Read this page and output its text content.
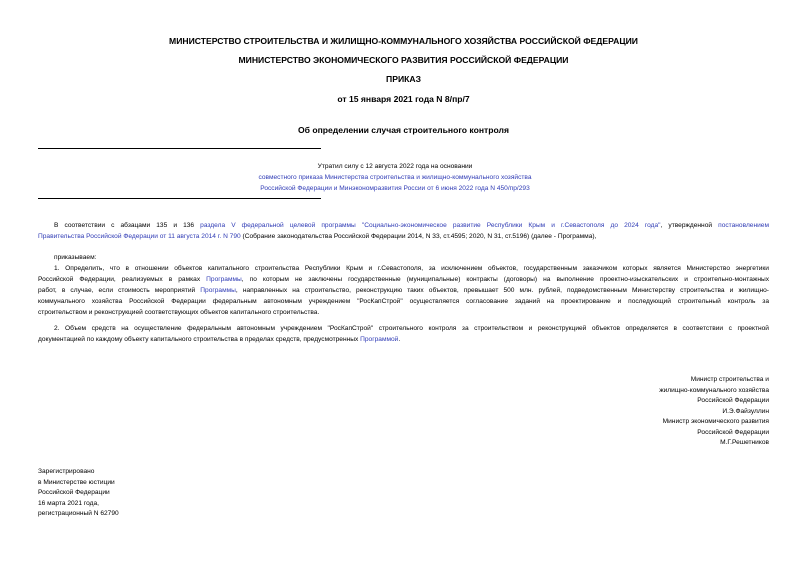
МИНИСТЕРСТВО СТРОИТЕЛЬСТВА И ЖИЛИЩНО-КОММУНАЛЬНОГО ХОЗЯЙСТВА РОССИЙСКОЙ ФЕДЕРАЦИИ
МИНИСТЕРСТВО ЭКОНОМИЧЕСКОГО РАЗВИТИЯ РОССИЙСКОЙ ФЕДЕРАЦИИ
ПРИКАЗ
от 15 января 2021 года N 8/пр/7
Об определении случая строительного контроля
Утратил силу с 12 августа 2022 года на основании
совместного приказа Министерства строительства и жилищно-коммунального хозяйства
Российской Федерации и Минэкономразвития России от 6 июня 2022 года N 450/пр/293
В соответствии с абзацами 135 и 136 раздела V федеральной целевой программы "Социально-экономическое развитие Республики Крым и г.Севастополя до 2024 года", утвержденной постановлением
Правительства Российской Федерации от 11 августа 2014 г. N 790 (Собрание законодательства Российской Федерации 2014, N 33, ст.4595; 2020, N 31, ст.5196) (далее - Программа),
приказываем:
1. Определить, что в отношении объектов капитального строительства Республики Крым и г.Севастополя, за исключением объектов, государственным заказчиком которых является Министерство энергетики
Российской Федерации, реализуемых в рамках Программы, по которым не заключены государственные (муниципальные) контракты (договоры) на выполнение проектно-изыскательских и строительно-монтажных
работ, в случае, если стоимость мероприятий Программы, направленных на строительство, реконструкцию таких объектов, превышает 500 млн. рублей, подведомственным Министерству строительства и жилищно-
коммунального хозяйства Российской Федерации федеральным автономным учреждением "РосКапСтрой" осуществляется согласование заданий на проектирование и последующий строительный контроль за
строительством и реконструкцией соответствующих объектов капитального строительства.
2. Объем средств на осуществление федеральным автономным учреждением "РосКапСтрой" строительного контроля за строительством и реконструкцией объектов определяется в соответствии с проектной
документацией по каждому объекту капитального строительства в пределах средств, предусмотренных Программой.
Министр строительства и
жилищно-коммунального хозяйства
Российской Федерации
И.Э.Файзуллин
Министр экономического развития
Российской Федерации
М.Г.Решетников
Зарегистрировано
в Министерстве юстиции
Российской Федерации
16 марта 2021 года,
регистрационный N 62790
